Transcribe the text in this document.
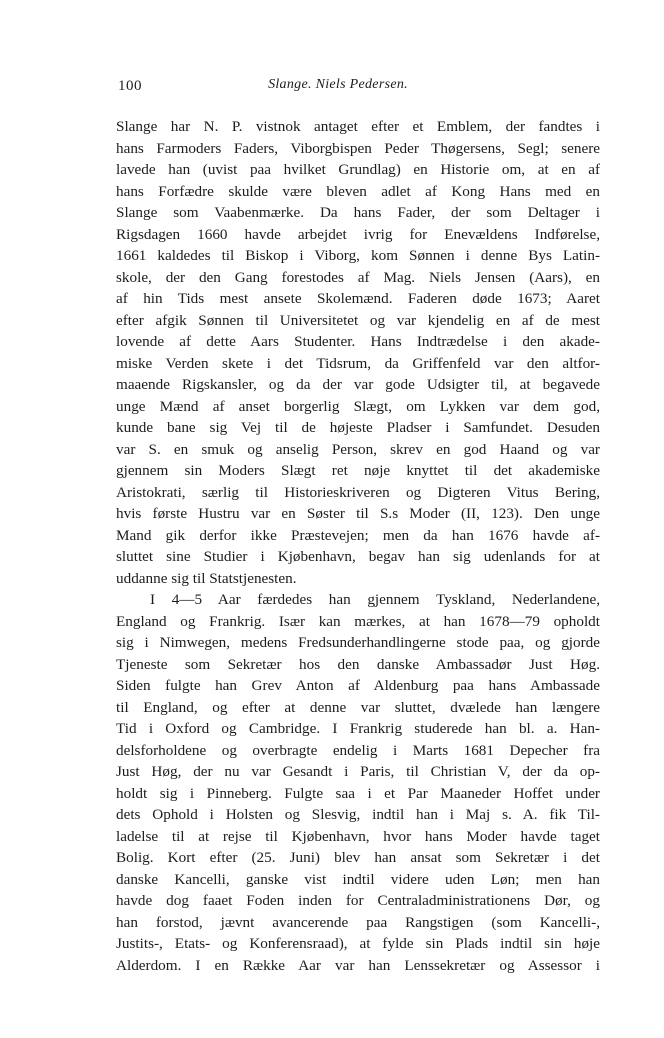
100	Slange. Niels Pedersen.
Slange har N. P. vistnok antaget efter et Emblem, der fandtes i
hans Farmoders Faders, Viborgbispen Peder Thøgersens, Segl; senere
lavede han (uvist paa hvilket Grundlag) en Historie om, at en af
hans Forfædre skulde være bleven adlet af Kong Hans med en
Slange som Vaabenmærke. Da hans Fader, der som Deltager i
Rigsdagen 1660 havde arbejdet ivrig for Enevældens Indførelse,
1661 kaldedes til Biskop i Viborg, kom Sønnen i denne Bys Latin-
skole, der den Gang forestodes af Mag. Niels Jensen (Aars), en
af hin Tids mest ansete Skolemænd. Faderen døde 1673; Aaret
efter afgik Sønnen til Universitetet og var kjendelig en af de mest
lovende af dette Aars Studenter. Hans Indtrædelse i den akade-
miske Verden skete i det Tidsrum, da Griffenfeld var den altfor-
maaende Rigskansler, og da der var gode Udsigter til, at begavede
unge Mænd af anset borgerlig Slægt, om Lykken var dem god,
kunde bane sig Vej til de højeste Pladser i Samfundet. Desuden
var S. en smuk og anselig Person, skrev en god Haand og var
gjennem sin Moders Slægt ret nøje knyttet til det akademiske
Aristokrati, særlig til Historieskriveren og Digteren Vitus Bering,
hvis første Hustru var en Søster til S.s Moder (II, 123). Den unge
Mand gik derfor ikke Præstevejen; men da han 1676 havde af-
sluttet sine Studier i Kjøbenhavn, begav han sig udenlands for at
uddanne sig til Statstjenesten.
I 4—5 Aar færdedes han gjennem Tyskland, Nederlandene,
England og Frankrig. Især kan mærkes, at han 1678—79 opholdt
sig i Nimwegen, medens Fredsunderhandlingerne stode paa, og gjorde
Tjeneste som Sekretær hos den danske Ambassadør Just Høg.
Siden fulgte han Grev Anton af Aldenburg paa hans Ambassade
til England, og efter at denne var sluttet, dvælede han længere
Tid i Oxford og Cambridge. I Frankrig studerede han bl. a. Han-
delsforholdene og overbragte endelig i Marts 1681 Depecher fra
Just Høg, der nu var Gesandt i Paris, til Christian V, der da op-
holdt sig i Pinneberg. Fulgte saa i et Par Maaneder Hoffet under
dets Ophold i Holsten og Slesvig, indtil han i Maj s. A. fik Til-
ladelse til at rejse til Kjøbenhavn, hvor hans Moder havde taget
Bolig. Kort efter (25. Juni) blev han ansat som Sekretær i det
danske Kancelli, ganske vist indtil videre uden Løn; men han
havde dog faaet Foden inden for Centraladministrationens Dør, og
han forstod, jævnt avancerende paa Rangstigen (som Kancelli-,
Justits-, Etats- og Konferensraad), at fylde sin Plads indtil sin høje
Alderdom. I en Række Aar var han Lenssekretær og Assessor i
